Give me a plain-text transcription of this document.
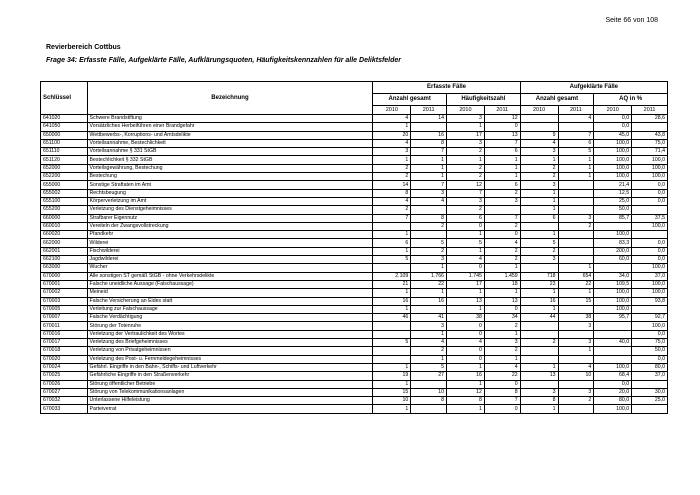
Seite 66 von 108
Revierbereich Cottbus
Frage 34: Erfasste Fälle, Aufgeklärte Fälle, Aufklärungsquoten, Häufigkeitskennzahlen für alle Deliktsfelder
Schlüssel	Bezeichnung	Erfasste Fälle				Aufgeklärte Fälle			
		Anzahl gesamt		Häufigkeitszahl		Anzahl gesamt		AQ in %	
		2010	2011	2010	2011	2010	2011	2010	2011
641020	Schwere Brandstiftung	4	14	3	12		4	0,0	28,6
641050	Vorsätzliches Herbeiführen einer Brandgefahr	1		1	0			0,0	
650000	Wettbewerbs-, Korruptions- und Amtsdelikte	20	16	17	13	9	7	45,0	43,8
651100	Vorteilsannahme, Bestechlichkeit	4	8	3	7	4	6	100,0	75,0
651110	Vorteilsannahme § 331 StGB	3	7	2	6	3	5	100,0	71,4
651120	Bestechlichkeit § 332 StGB	1	1	1	1	1	1	100,0	100,0
652000	Vorteilsgewährung, Bestechung	2	1	2	1	2	1	100,0	100,0
652200	Bestechung	2	1	2	1	2	1	100,0	100,0
655000	Sonstige Straftaten im Amt	14	7	12	6	3		21,4	0,0
655002	Rechtsbeugung	8	3	7	2	1		12,5	0,0
655100	Körperverletzung im Amt	4	4	3	3	1		25,0	0,0
655200	Verletzung des Dienstgeheimnisses	2		2		1		50,0	
660000	Strafbarer Eigennutz	7	8	6	7	6	3	85,7	37,5
660010	Vereiteln der Zwangsvollstreckung		2	0	2		2		100,0
660020	Pfandkehr	1		1	0	1		100,0	
662000	Wilderei	6	5	5	4	5		83,3	0,0
662001	Fischwilderei	1	2	1	2	2		200,0	0,0
662100	Jagdwilderei	5	3	4	2	3		60,0	0,0
663000	Wucher		1	0	1		1		100,0
670000	Alle sonstigen ST gemäß StGB - ohne Verkehrsdelikte	2.109	1.766	1.745	1.459	718	654	34,0	37,0
670001	Falsche uneidliche Aussage (Falschaussage)	21	22	17	18	23	22	109,5	100,0
670002	Meineid	1	1	1	1	1	1	100,0	100,0
670003	Falsche Versicherung an Eides statt	16	16	13	13	16	15	100,0	93,8
670005	Verleitung zur Falschaussage	1		1	0	1		100,0	
670007	Falsche Verdächtigung	46	41	38	34	44	38	95,7	92,7
670011	Störung der Totenruhe		3	0	2		3		100,0
670016	Verletzung der Vertraulichkeit des Wortes		1	0	1				0,0
670017	Verletzung des Briefgeheimnisses	5	4	4	3	2	3	40,0	75,0
670018	Verletzung von Privatgeheimnissen		2	0	2		1		50,0
670020	Verletzung des Post- u. Fernmeldegeheimnisses		1	0	1				0,0
670024	Gefährl. Eingriffe in den Bahn-, Schiffs- und Luftverkehr	1	5	1	4	1	4	100,0	80,0
670025	Gefährliche Eingriffe in den Straßenverkehr	19	27	16	22	13	10	68,4	37,0
670026	Störung öffentlicher Betriebe	1		1	0			0,0	
670027	Störung von Telekommunikationsanlagen	15	10	12	8	3	3	20,0	30,0
670032	Unterlassene Hilfeleistung	10	8	8	7	8	2	80,0	25,0
670033	Parteiverrat	1		1	0	1		100,0	
